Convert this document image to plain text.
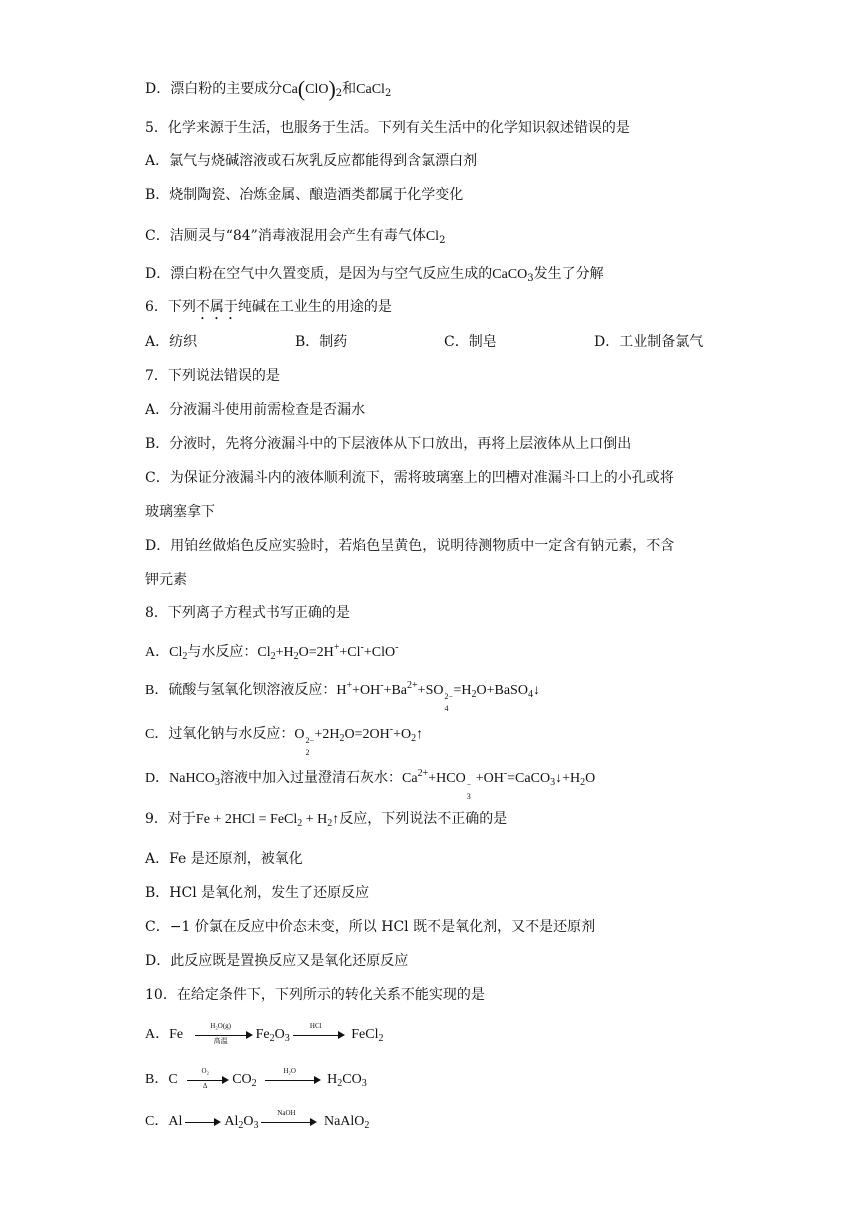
D．漂白粉的主要成分$Ca(ClO)_2$和CaCl$_2$
5．化学来源于生活，也服务于生活。下列有关生活中的化学知识叙述错误的是
A．氯气与烧碱溶液或石灰乳反应都能得到含氯漂白剂
B．烧制陶瓷、冶炼金属、酿造酒类都属于化学变化
C．洁厕灵与“84”消毒液混用会产生有毒气体$Cl_2$
D．漂白粉在空气中久置变质，是因为与空气反应生成的CaCO$_3$发生了分解
6．下列不属于纯碱在工业生的用途的是
A．纺织	B．制药	C．制皂	D．工业制备氯气
7．下列说法错误的是
A．分液漏斗使用前需检查是否漏水
B．分液时，先将分液漏斗中的下层液体从下口放出，再将上层液体从上口倒出
C．为保证分液漏斗内的液体顺利流下，需将玻璃塞上的凹槽对准漏斗口上的小孔或将
玻璃塞拿下
D．用铂丝做焰色反应实验时，若焰色呈黄色，说明待测物质中一定含有钠元素，不含
钾元素
8．下列离子方程式书写正确的是
A．$Cl_2$与水反应：$Cl_2+H_2O=2H^++Cl^-+ClO^-$
B．硫酸与氢氧化钡溶液反应：$H^++OH^-+Ba^{2+}+SO$ 2−
4
$=H_2O+BaSO_4↓$
C．过氧化钠与水反应：O 2−
2
$+2H_2O=2OH^-+O_2↑$
D．NaHCO$_3$溶液中加入过量澄清石灰水：$Ca^{2+}+HCO$ −
3
$+OH^-=CaCO_3↓+H_2O$
9．对于Fe + 2HCl = FeCl$_2$ + $H_2↑$反应，下列说法不正确的是
A．Fe 是还原剂，被氧化
B．HCl 是氧化剂，发生了还原反应
C．−1 价氯在反应中价态未变，所以 HCl 既不是氧化剂，又不是还原剂
D．此反应既是置换反应又是氧化还原反应
10．在给定条件下，下列所示的转化关系不能实现的是
A．Fe
H₂O(g)
高温	$Fe_2O_3$
HCl
FeCl$_2$
B．C
O₂
Δ	$CO_2$
H₂O
$H_2CO_3$
C．Al	$Al_2O_3$
NaOH
NaAlO$_2$
